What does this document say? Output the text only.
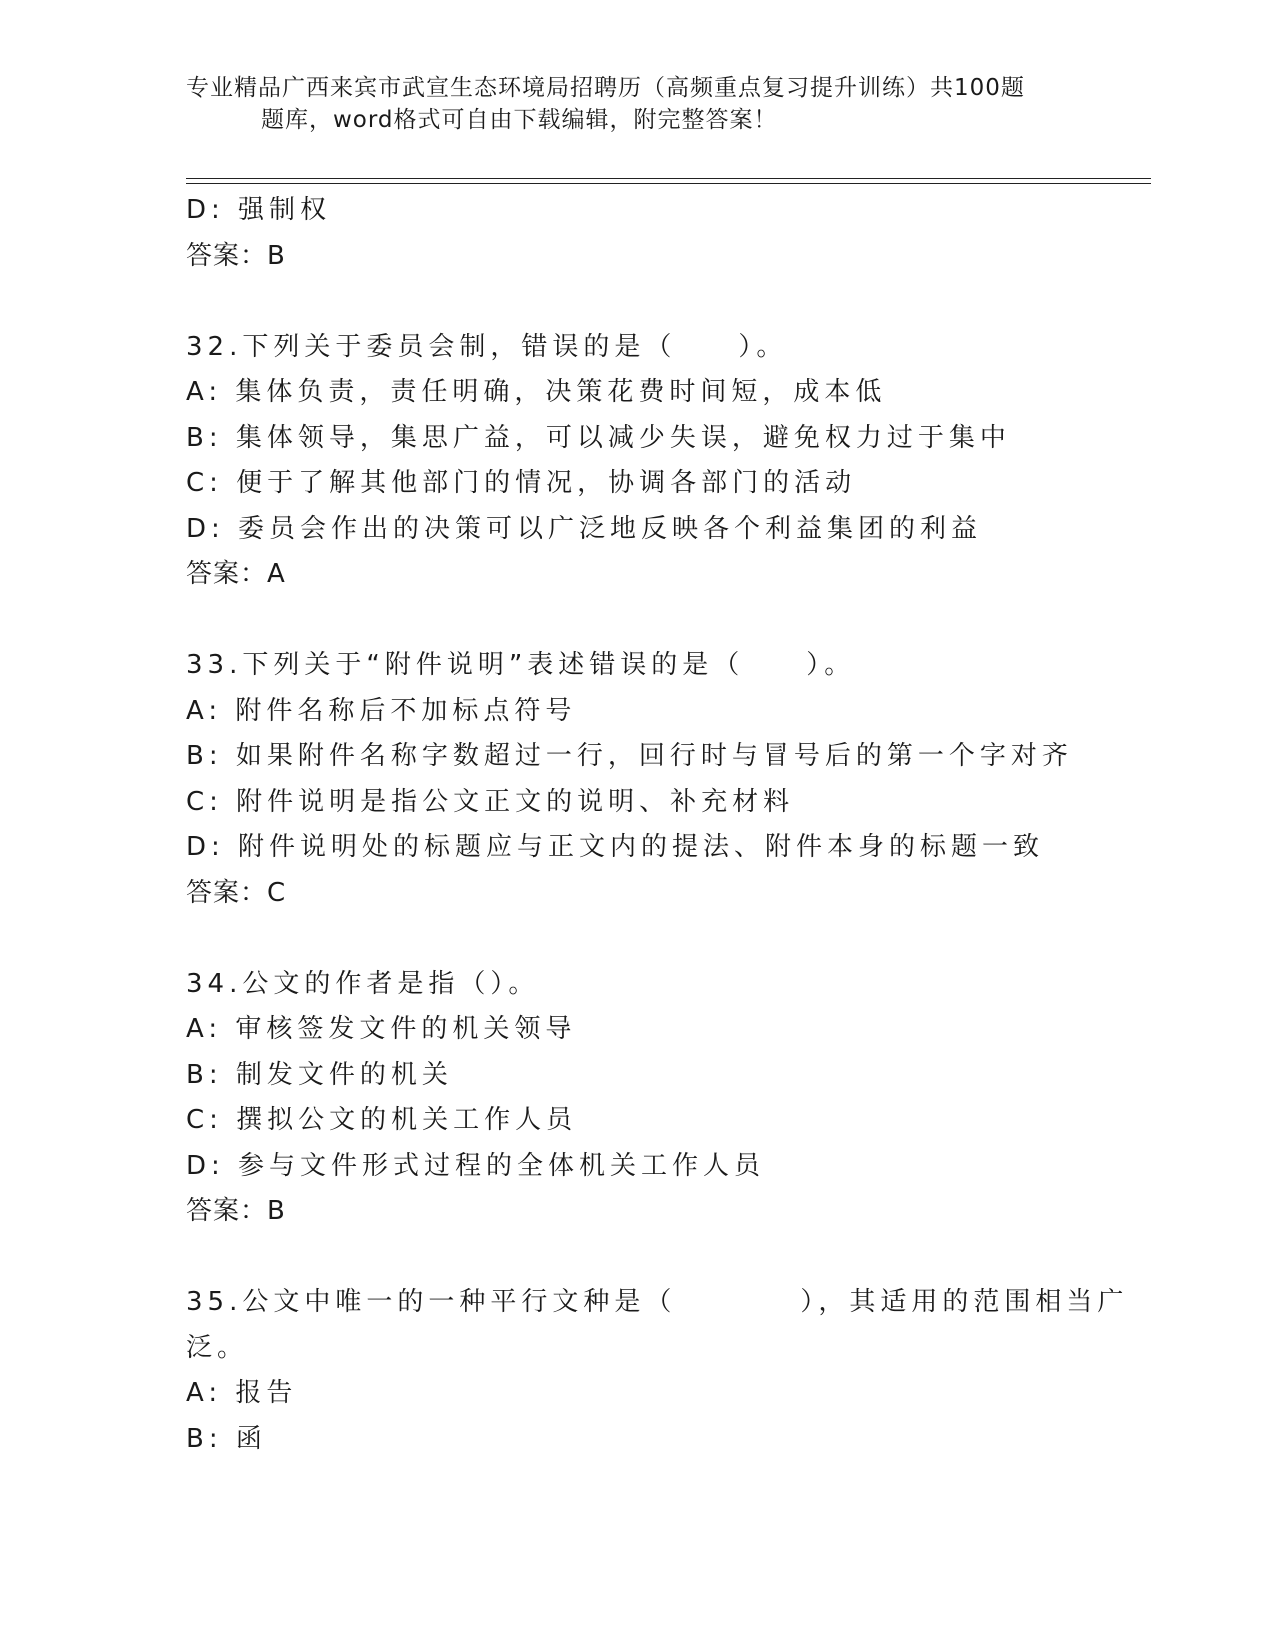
专业精品广西来宾市武宣生态环境局招聘历（高频重点复习提升训练）共100题
题库，word格式可自由下载编辑，附完整答案！
D: 强制权
答案：B
32.下列关于委员会制，错误的是（　　）。
A: 集体负责，责任明确，决策花费时间短，成本低
B: 集体领导，集思广益，可以减少失误，避免权力过于集中
C: 便于了解其他部门的情况，协调各部门的活动
D: 委员会作出的决策可以广泛地反映各个利益集团的利益
答案：A
33.下列关于“附件说明”表述错误的是（　　）。
A: 附件名称后不加标点符号
B: 如果附件名称字数超过一行，回行时与冒号后的第一个字对齐
C: 附件说明是指公文正文的说明、补充材料
D: 附件说明处的标题应与正文内的提法、附件本身的标题一致
答案：C
34.公文的作者是指（）。
A: 审核签发文件的机关领导
B: 制发文件的机关
C: 撰拟公文的机关工作人员
D: 参与文件形式过程的全体机关工作人员
答案：B
35.公文中唯一的一种平行文种是（　　　　），其适用的范围相当广
泛。
A: 报告
B: 函
